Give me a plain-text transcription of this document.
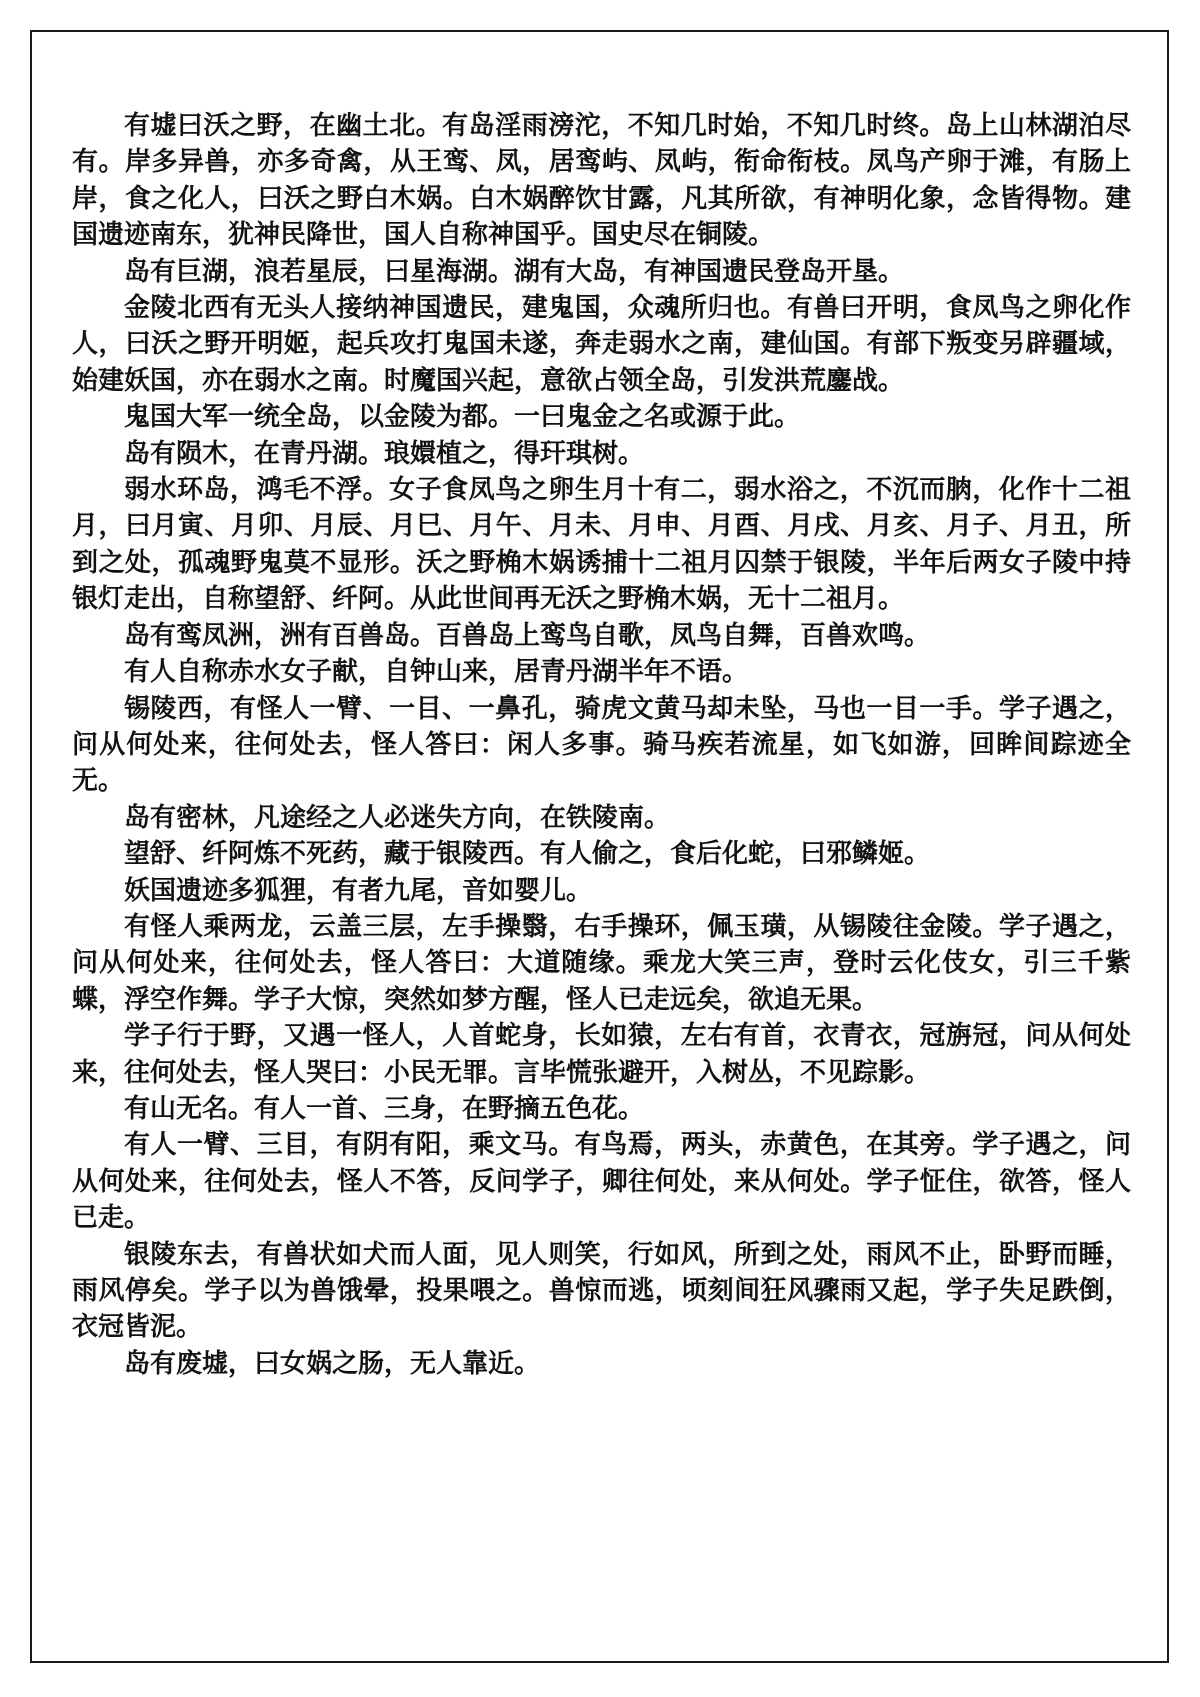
有墟曰沃之野，在幽土北。有岛淫雨滂沱，不知几时始，不知几时终。岛上山林湖泊尽有。岸多异兽，亦多奇禽，从王鸾、凤，居鸾屿、凤屿，衔命衔枝。凤鸟产卵于滩，有肠上岸，食之化人，曰沃之野白木娲。白木娲醉饮甘露，凡其所欲，有神明化象，念皆得物。建国遗迹南东，犹神民降世，国人自称神国乎。国史尽在铜陵。

岛有巨湖，浪若星辰，曰星海湖。湖有大岛，有神国遗民登岛开垦。

金陵北西有无头人接纳神国遗民，建鬼国，众魂所归也。有兽曰开明，食凤鸟之卵化作人，曰沃之野开明姬，起兵攻打鬼国未遂，奔走弱水之南，建仙国。有部下叛变另辟疆域，始建妖国，亦在弱水之南。时魔国兴起，意欲占领全岛，引发洪荒鏖战。

鬼国大军一统全岛，以金陵为都。一曰鬼金之名或源于此。

岛有陨木，在青丹湖。琅嬛植之，得玕琪树。

弱水环岛，鸿毛不浮。女子食凤鸟之卵生月十有二，弱水浴之，不沉而朒，化作十二祖月，曰月寅、月卯、月辰、月巳、月午、月未、月申、月酉、月戌、月亥、月子、月丑，所到之处，孤魂野鬼莫不显形。沃之野桷木娲诱捕十二祖月囚禁于银陵，半年后两女子陵中持银灯走出，自称望舒、纤阿。从此世间再无沃之野桷木娲，无十二祖月。

岛有鸾凤洲，洲有百兽岛。百兽岛上鸾鸟自歌，凤鸟自舞，百兽欢鸣。

有人自称赤水女子献，自钟山来，居青丹湖半年不语。

锡陵西，有怪人一臂、一目、一鼻孔，骑虎文黄马却未坠，马也一目一手。学子遇之，问从何处来，往何处去，怪人答曰：闲人多事。骑马疾若流星，如飞如游，回眸间踪迹全无。

岛有密林，凡途经之人必迷失方向，在铁陵南。

望舒、纤阿炼不死药，藏于银陵西。有人偷之，食后化蛇，曰邪鳞姬。

妖国遗迹多狐狸，有者九尾，音如婴儿。

有怪人乘两龙，云盖三层，左手操翳，右手操环，佩玉璜，从锡陵往金陵。学子遇之，问从何处来，往何处去，怪人答曰：大道随缘。乘龙大笑三声，登时云化伎女，引三千紫蝶，浮空作舞。学子大惊，突然如梦方醒，怪人已走远矣，欲追无果。

学子行于野，又遇一怪人，人首蛇身，长如猿，左右有首，衣青衣，冠旃冠，问从何处来，往何处去，怪人哭曰：小民无罪。言毕慌张避开，入树丛，不见踪影。

有山无名。有人一首、三身，在野摘五色花。

有人一臂、三目，有阴有阳，乘文马。有鸟焉，两头，赤黄色，在其旁。学子遇之，问从何处来，往何处去，怪人不答，反问学子，卿往何处，来从何处。学子怔住，欲答，怪人已走。

银陵东去，有兽状如犬而人面，见人则笑，行如风，所到之处，雨风不止，卧野而睡，雨风停矣。学子以为兽饿晕，投果喂之。兽惊而逃，顷刻间狂风骤雨又起，学子失足跌倒，衣冠皆泥。

岛有废墟，曰女娲之肠，无人靠近。
